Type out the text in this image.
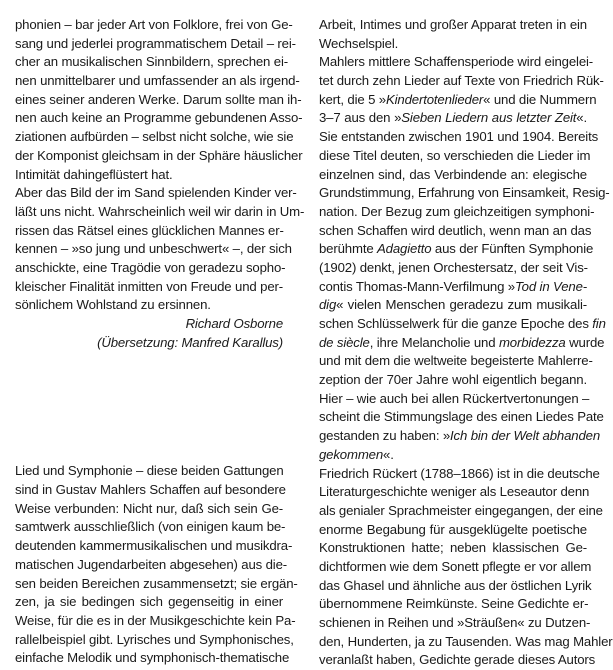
phonien – bar jeder Art von Folklore, frei von Ge-
sang und jederlei programmatischem Detail – rei-
cher an musikalischen Sinnbildern, sprechen ei-
nen unmittelbarer und umfassender an als irgend-
eines seiner anderen Werke. Darum sollte man ih-
nen auch keine an Programme gebundenen Asso-
ziationen aufbürden – selbst nicht solche, wie sie
der Komponist gleichsam in der Sphäre häuslicher
Intimität dahingeflüstert hat.
Aber das Bild der im Sand spielenden Kinder ver-
läßt uns nicht. Wahrscheinlich weil wir darin in Um-
rissen das Rätsel eines glücklichen Mannes er-
kennen – »so jung und unbeschwert« –, der sich
anschickte, eine Tragödie von geradezu sopho-
kleischer Finalität inmitten von Freude und per-
sönlichem Wohlstand zu ersinnen.
Richard Osborne
(Übersetzung: Manfred Karallus)
Lied und Symphonie – diese beiden Gattungen
sind in Gustav Mahlers Schaffen auf besondere
Weise verbunden: Nicht nur, daß sich sein Ge-
samtwerk ausschließlich (von einigen kaum be-
deutenden kammermusikalischen und musikdra-
matischen Jugendarbeiten abgesehen) aus die-
sen beiden Bereichen zusammensetzt; sie ergän-
zen, ja sie bedingen sich gegenseitig in einer
Weise, für die es in der Musikgeschichte kein Pa-
rallelbeispiel gibt. Lyrisches und Symphonisches,
einfache Melodik und symphonisch-thematische
Arbeit, Intimes und großer Apparat treten in ein
Wechselspiel.
Mahlers mittlere Schaffensperiode wird eingelei-
tet durch zehn Lieder auf Texte von Friedrich Rük-
kert, die 5 »Kindertotenlieder« und die Nummern
3–7 aus den »Sieben Liedern aus letzter Zeit«.
Sie entstanden zwischen 1901 und 1904. Bereits
diese Titel deuten, so verschieden die Lieder im
einzelnen sind, das Verbindende an: elegische
Grundstimmung, Erfahrung von Einsamkeit, Resig-
nation. Der Bezug zum gleichzeitigen symphoni-
schen Schaffen wird deutlich, wenn man an das
berühmte Adagietto aus der Fünften Symphonie
(1902) denkt, jenen Orchestersatz, der seit Vis-
contis Thomas-Mann-Verfilmung »Tod in Vene-
dig« vielen Menschen geradezu zum musikali-
schen Schlüsselwerk für die ganze Epoche des fin
de siècle, ihre Melancholie und morbidezza wurde
und mit dem die weltweite begeisterte Mahlerre-
zeption der 70er Jahre wohl eigentlich begann.
Hier – wie auch bei allen Rückertvertonungen –
scheint die Stimmungslage des einen Liedes Pate
gestanden zu haben: »Ich bin der Welt abhanden
gekommen«.
Friedrich Rückert (1788–1866) ist in die deutsche
Literaturgeschichte weniger als Leseautor denn
als genialer Sprachmeister eingegangen, der eine
enorme Begabung für ausgeklügelte poetische
Konstruktionen hatte; neben klassischen Ge-
dichtformen wie dem Sonett pflegte er vor allem
das Ghasel und ähnliche aus der östlichen Lyrik
übernommene Reimkünste. Seine Gedichte er-
schienen in Reihen und »Sträußen« zu Dutzen-
den, Hunderten, ja zu Tausenden. Was mag Mahler
veranlaßt haben, Gedichte gerade dieses Autors
